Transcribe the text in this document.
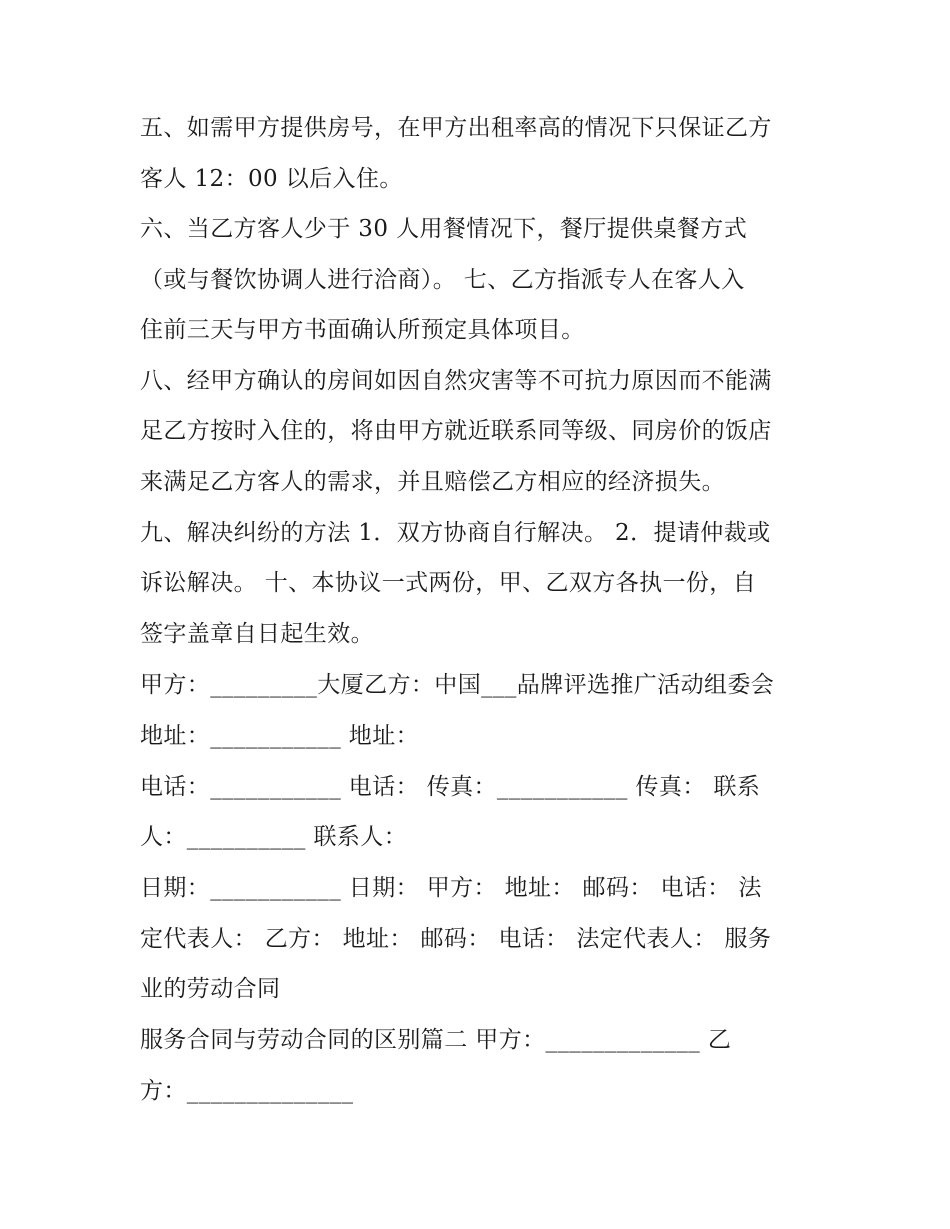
五、如需甲方提供房号，在甲方出租率高的情况下只保证乙方
客人 12：00 以后入住。
六、当乙方客人少于 30 人用餐情况下，餐厅提供桌餐方式
（或与餐饮协调人进行洽商）。 七、乙方指派专人在客人入
住前三天与甲方书面确认所预定具体项目。
八、经甲方确认的房间如因自然灾害等不可抗力原因而不能满
足乙方按时入住的，将由甲方就近联系同等级、同房价的饭店
来满足乙方客人的需求，并且赔偿乙方相应的经济损失。
九、解决纠纷的方法 1．双方协商自行解决。 2．提请仲裁或
诉讼解决。 十、本协议一式两份，甲、乙双方各执一份，自
签字盖章自日起生效。
甲方：_________大厦乙方：中国___品牌评选推广活动组委会
地址：___________ 地址：
电话：___________ 电话： 传真：___________ 传真： 联系
人：__________ 联系人：
日期：___________ 日期： 甲方： 地址： 邮码： 电话： 法
定代表人： 乙方： 地址： 邮码： 电话： 法定代表人： 服务
业的劳动合同
服务合同与劳动合同的区别篇二 甲方：_____________ 乙
方：______________
